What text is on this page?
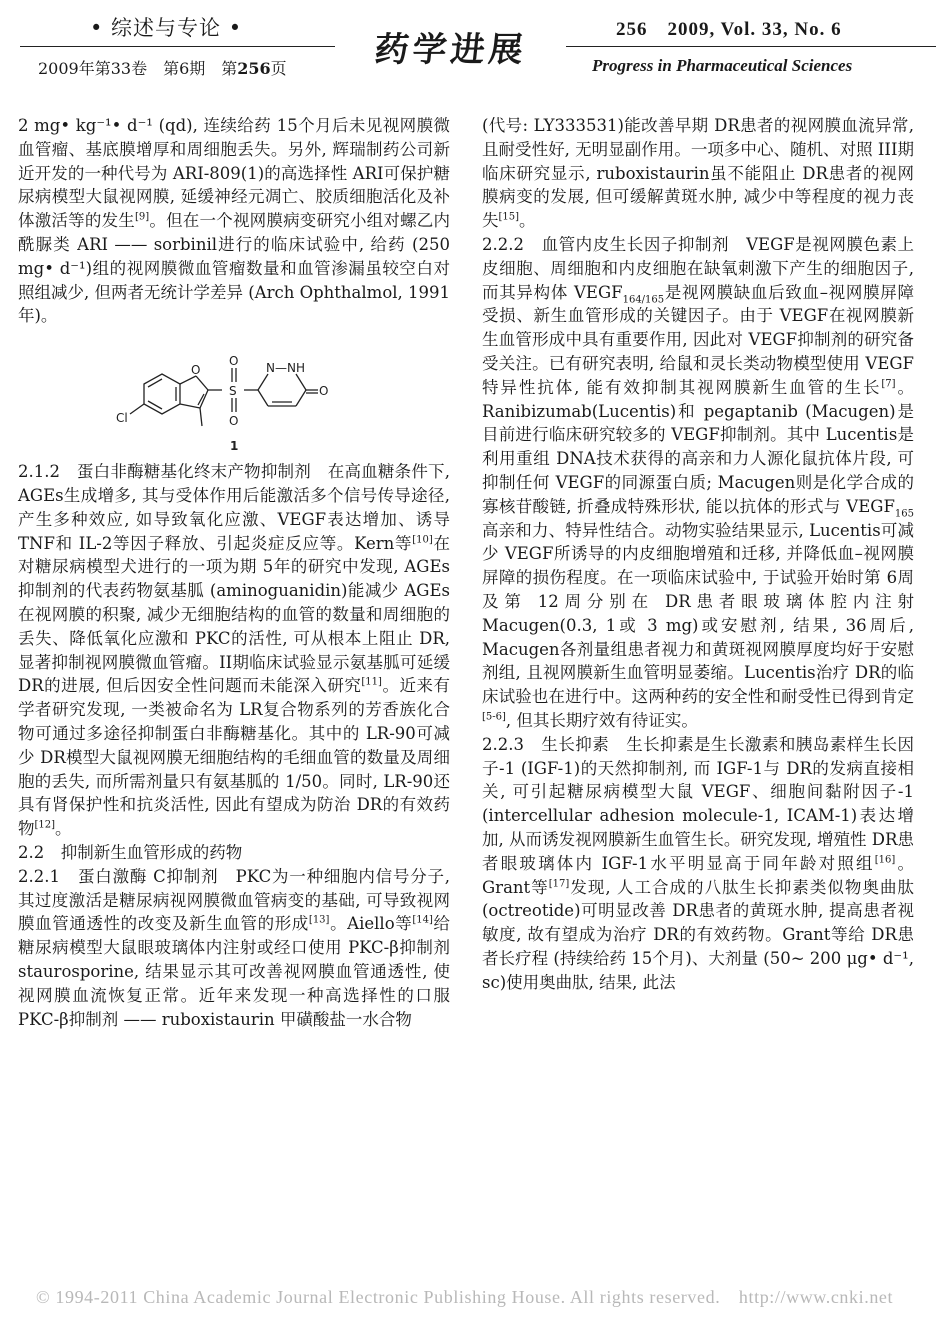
• 综述与专论 •
2009年第33卷　第6期　第256页	药学进展
256　2009, Vol. 33, No. 6
Progress in Pharmaceutical Sciences

2 mg• kg⁻¹• d⁻¹ (qd), 连续给药 15个月后未见视网膜微血管瘤、基底膜增厚和周细胞丢失。另外, 辉瑞制药公司新近开发的一种代号为 ARI-809(1)的高选择性 ARI可保护糖尿病模型大鼠视网膜, 延缓神经元凋亡、胶质细胞活化及补体激活等的发生[9]。但在一个视网膜病变研究小组对螺乙内酰脲类 ARI —— sorbinil进行的临床试验中, 给药 (250 mg• d⁻¹)组的视网膜微血管瘤数量和血管渗漏虽较空白对照组减少, 但两者无统计学差异 (Arch Ophthalmol, 1991年)。

Cl
O
S
O
O
N—NH
O
1

2.1.2　蛋白非酶糖基化终末产物抑制剂　 在高血糖条件下, AGEs生成增多, 其与受体作用后能激活多个信号传导途径, 产生多种效应, 如导致氧化应激、VEGF表达增加、诱导 TNF和 IL-2等因子释放、引起炎症反应等。Kern等[10]在对糖尿病模型犬进行的一项为期 5年的研究中发现, AGEs抑制剂的代表药物氨基胍 (aminoguanidin)能减少 AGEs在视网膜的积聚, 减少无细胞结构的血管的数量和周细胞的丢失、降低氧化应激和 PKC的活性, 可从根本上阻止 DR, 显著抑制视网膜微血管瘤。II期临床试验显示氨基胍可延缓 DR的进展, 但后因安全性问题而未能深入研究[11]。近来有学者研究发现, 一类被命名为 LR复合物系列的芳香族化合物可通过多途径抑制蛋白非酶糖基化。其中的 LR-90可减少 DR模型大鼠视网膜无细胞结构的毛细血管的数量及周细胞的丢失, 而所需剂量只有氨基胍的 1/50。同时, LR-90还具有肾保护性和抗炎活性, 因此有望成为防治 DR的有效药物[12]。

2.2　抑制新生血管形成的药物

2.2.1　蛋白激酶 C抑制剂　 PKC为一种细胞内信号分子, 其过度激活是糖尿病视网膜微血管病变的基础, 可导致视网膜血管通透性的改变及新生血管的形成[13]。Aiello等[14]给糖尿病模型大鼠眼玻璃体内注射或经口使用 PKC-β抑制剂 staurosporine, 结果显示其可改善视网膜血管通透性, 使视网膜血流恢复正常。近年来发现一种高选择性的口服 PKC-β抑制剂 —— ruboxistaurin 甲磺酸盐一水合物

(代号: LY333531)能改善早期 DR患者的视网膜血流异常, 且耐受性好, 无明显副作用。一项多中心、随机、对照 III期临床研究显示, ruboxistaurin虽不能阻止 DR患者的视网膜病变的发展, 但可缓解黄斑水肿, 减少中等程度的视力丧失[15]。

2.2.2　血管内皮生长因子抑制剂　 VEGF是视网膜色素上皮细胞、周细胞和内皮细胞在缺氧刺激下产生的细胞因子, 而其异构体 $VEGF_{164/165}$是视网膜缺血后致血–视网膜屏障受损、新生血管形成的关键因子。由于 VEGF在视网膜新生血管形成中具有重要作用, 因此对 VEGF抑制剂的研究备受关注。已有研究表明, 给鼠和灵长类动物模型使用 VEGF特异性抗体, 能有效抑制其视网膜新生血管的生长[7]。Ranibizumab(Lucentis)和 pegaptanib (Macugen)是目前进行临床研究较多的 VEGF抑制剂。其中 Lucentis是利用重组 DNA技术获得的高亲和力人源化鼠抗体片段, 可抑制任何 VEGF的同源蛋白质; Macugen则是化学合成的寡核苷酸链, 折叠成特殊形状, 能以抗体的形式与 $VEGF_{165}$高亲和力、特异性结合。动物实验结果显示, Lucentis可减少 VEGF所诱导的内皮细胞增殖和迁移, 并降低血–视网膜屏障的损伤程度。在一项临床试验中, 于试验开始时第 6周及第 12周分别在 DR患者眼玻璃体腔内注射 Macugen(0.3, 1或 3 mg)或安慰剂, 结果, 36周后, Macugen各剂量组患者视力和黄斑视网膜厚度均好于安慰剂组, 且视网膜新生血管明显萎缩。Lucentis治疗 DR的临床试验也在进行中。这两种药的安全性和耐受性已得到肯定[5-6], 但其长期疗效有待证实。

2.2.3　生长抑素　 生长抑素是生长激素和胰岛素样生长因子-1 (IGF-1)的天然抑制剂, 而 IGF-1与 DR的发病直接相关, 可引起糖尿病模型大鼠 VEGF、细胞间黏附因子-1 (intercellular adhesion molecule-1, ICAM-1)表达增加, 从而诱发视网膜新生血管生长。研究发现, 增殖性 DR患者眼玻璃体内 IGF-1水平明显高于同年龄对照组[16]。Grant等[17]发现, 人工合成的八肽生长抑素类似物奥曲肽 (octreotide)可明显改善 DR患者的黄斑水肿, 提高患者视敏度, 故有望成为治疗 DR的有效药物。Grant等给 DR患者长疗程 (持续给药 15个月)、大剂量 (50~ 200 μg• d⁻¹, sc)使用奥曲肽, 结果, 此法

© 1994-2011 China Academic Journal Electronic Publishing House. All rights reserved.　http://www.cnki.net
